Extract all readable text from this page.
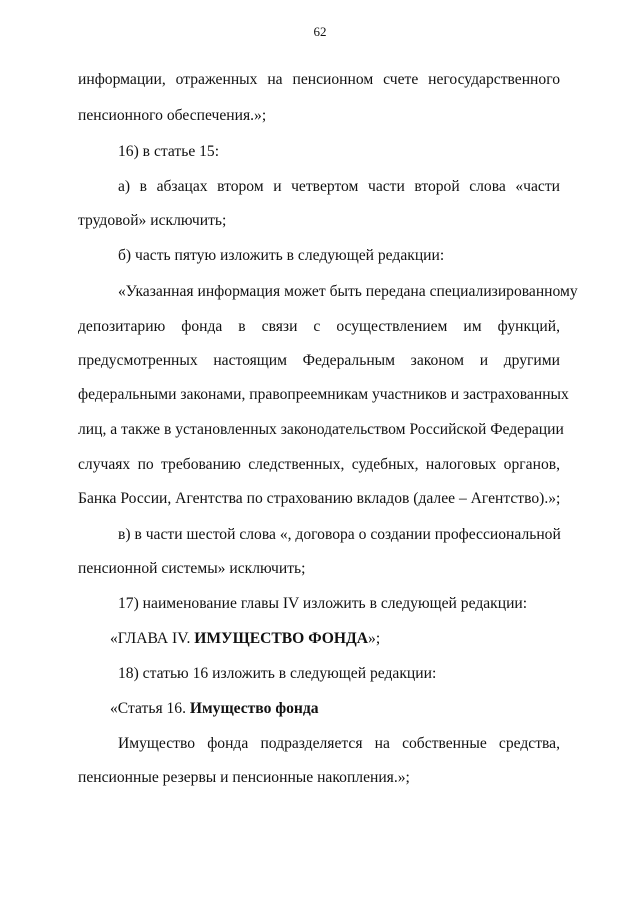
62
информации, отраженных на пенсионном счете негосударственного
пенсионного обеспечения.»;
16) в статье 15:
а) в абзацах втором и четвертом части второй слова «части
трудовой» исключить;
б) часть пятую изложить в следующей редакции:
«Указанная информация может быть передана специализированному
депозитарию фонда в связи с осуществлением им функций,
предусмотренных настоящим Федеральным законом и другими
федеральными законами, правопреемникам участников и застрахованных
лиц, а также в установленных законодательством Российской Федерации
случаях по требованию следственных, судебных, налоговых органов,
Банка России, Агентства по страхованию вкладов (далее – Агентство).»;
в) в части шестой слова «, договора о создании профессиональной
пенсионной системы» исключить;
17) наименование главы IV изложить в следующей редакции:
«ГЛАВА IV. ИМУЩЕСТВО ФОНДА»;
18) статью 16 изложить в следующей редакции:
«Статья 16. Имущество фонда
Имущество фонда подразделяется на собственные средства,
пенсионные резервы и пенсионные накопления.»;
